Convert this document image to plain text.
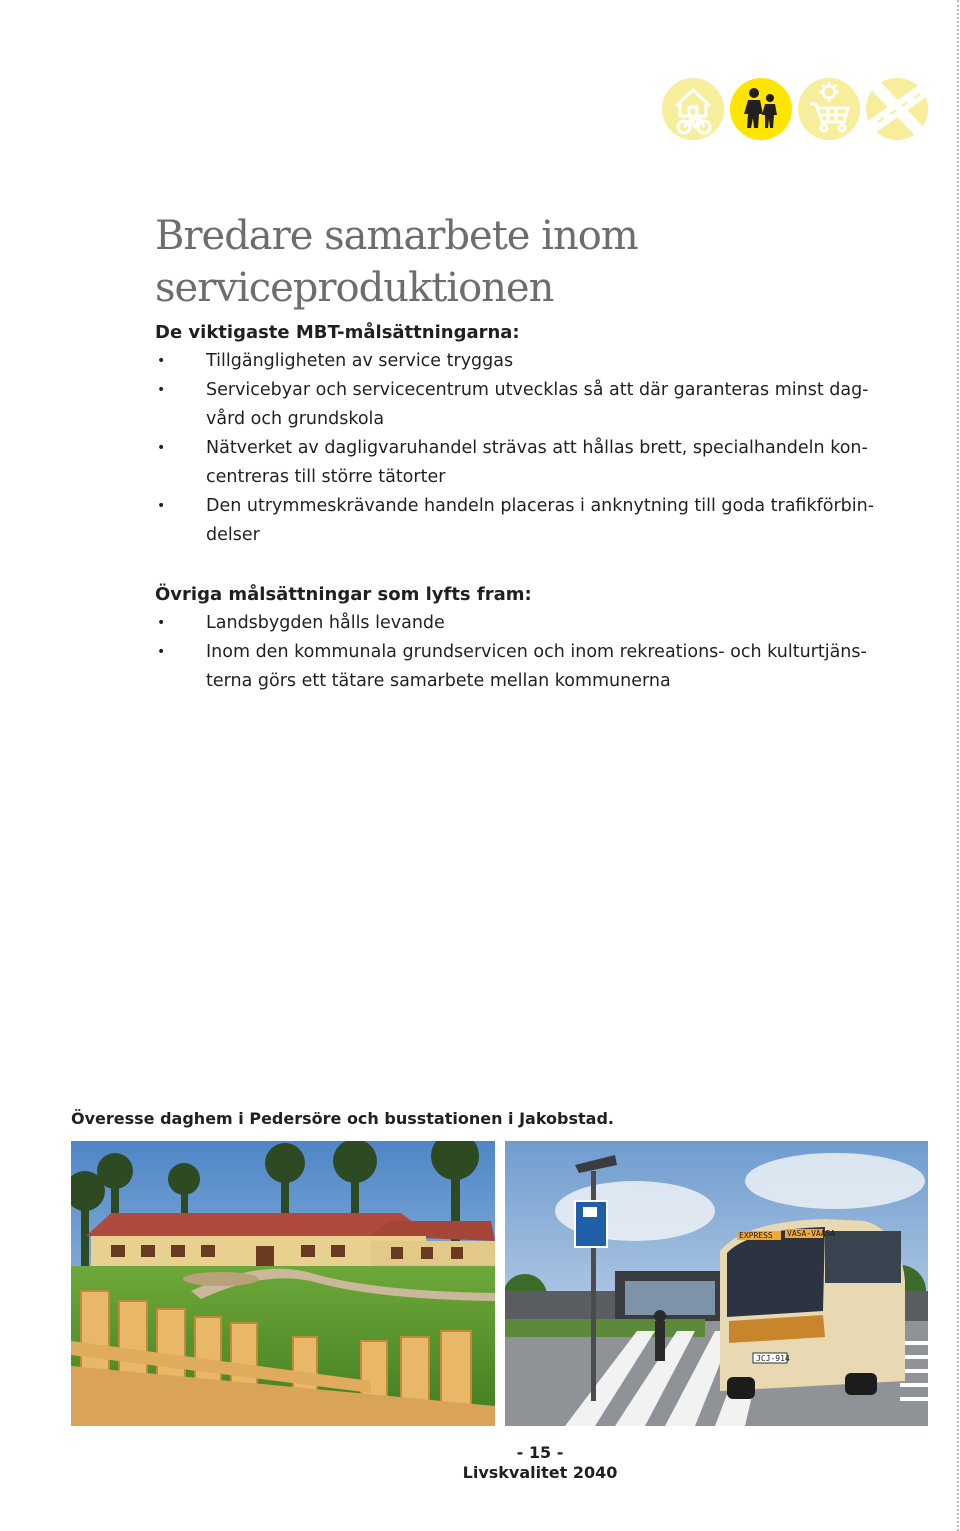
Bredare samarbete inom
serviceproduktionen
De viktigaste MBT-målsättningarna:
• Tillgängligheten av service tryggas
• Servicebyar och servicecentrum utvecklas så att där garanteras minst dag-
vård och grundskola
• Nätverket av dagligvaruhandel strävas att hållas brett, specialhandeln kon-
centreras till större tätorter
• Den utrymmeskrävande handeln placeras i anknytning till goda trafikförbin-
delser
Övriga målsättningar som lyfts fram:
• Landsbygden hålls levande
• Inom den kommunala grundservicen och inom rekreations- och kulturtjäns-
terna görs ett tätare samarbete mellan kommunerna

Överesse daghem i Pedersöre och busstationen i Jakobstad.

EXPRESS VASA-VAASA
JCJ-914

- 15 -

Livskvalitet 2040
